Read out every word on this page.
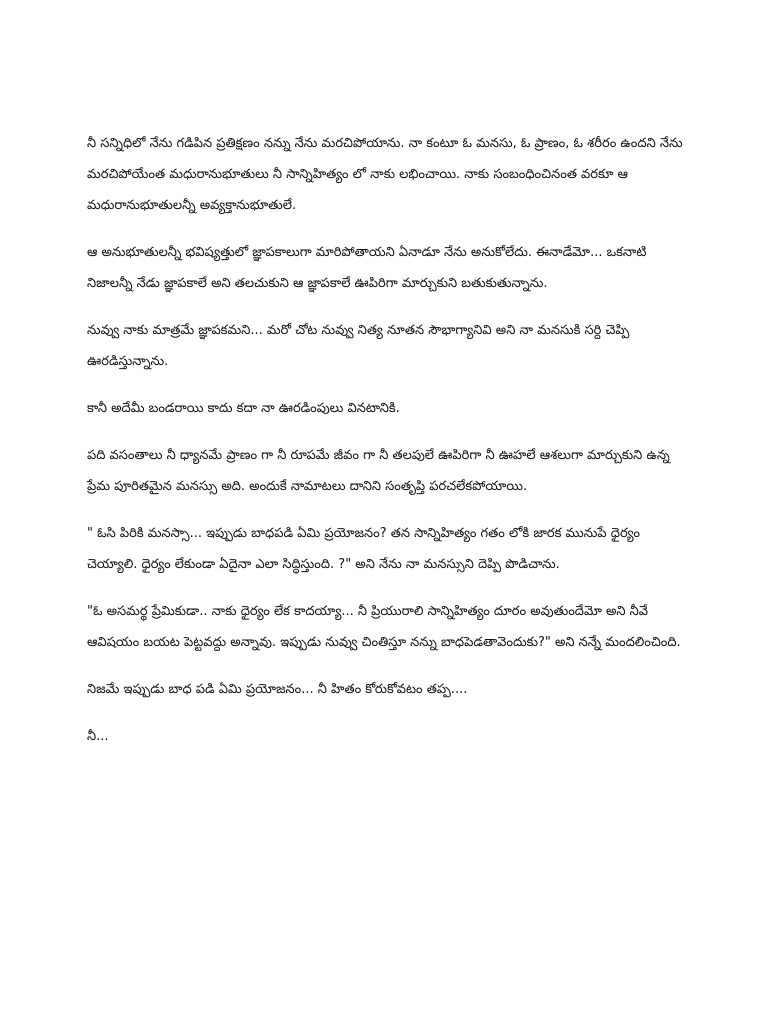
నీ సన్నిధిలో నేను గడిపిన ప్రతిక్షణం నన్ను నేను మరచిపోయాను. నా కంటూ ఓ మనసు, ఓ ప్రాణం, ఓ శరీరం ఉందని నేను మరచిపోయేంత మధురానుభూతులు నీ సాన్నిహిత్యం లో నాకు లభించాయి. నాకు సంబంధించినంత వరకూ ఆ మధురానుభూతులన్నీ అవ్యక్తానుభూతులే.

ఆ అనుభూతులన్నీ భవిష్యత్తులో జ్ఞాపకాలుగా మారిపోతాయని ఏనాడూ నేను అనుకోలేదు. ఈనాడేమో... ఒకనాటి నిజాలన్నీ నేడు జ్ఞాపకాలే అని తలచుకుని ఆ జ్ఞాపకాలే ఊపిరిగా మార్చుకుని బతుకుతున్నాను.

నువ్వు నాకు మాత్రమే జ్ఞాపకమని... మరో చోట నువ్వు నిత్య నూతన సౌభాగ్యానివి అని నా మనసుకి సర్ది చెప్పి ఊరడిస్తున్నాను.

కానీ అదేమీ బండరాయి కాదు కదా నా ఊరడింపులు వినటానికి.

పది వసంతాలు నీ ధ్యానమే ప్రాణం గా నీ రూపమే జీవం గా నీ తలపులే ఊపిరిగా నీ ఊహలే ఆశలుగా మార్చుకుని ఉన్న ప్రేమ పూరితమైన మనస్సు అది. అందుకే నామాటలు దానిని సంతృప్తి పరచలేకపోయాయి.

" ఓసి పిరికి మనస్సా... ఇప్పుడు బాధపడి ఏమి ప్రయోజనం? తన సాన్నిహిత్యం గతం లోకి జారక మునుపే ధైర్యం చెయ్యాలి. ధైర్యం లేకుండా ఏదైనా ఎలా సిద్ధిస్తుంది. ?" అని నేను నా మనస్సుని దెప్పి పొడిచాను.

"ఓ అసమర్థ ప్రేమికుడా.. నాకు ధైర్యం లేక కాదయ్యా... నీ ప్రియురాలి సాన్నిహిత్యం దూరం అవుతుందేమో అని నీవే ఆవిషయం బయట పెట్టవద్దు అన్నావు. ఇప్పుడు నువ్వు చింతిస్తూ నన్ను బాధపెడతావెందుకు?" అని నన్నే మందలించింది.

నిజమే ఇప్పుడు బాధ పడి ఏమి ప్రయోజనం... నీ హితం కోరుకోవటం తప్ప....

నీ...
